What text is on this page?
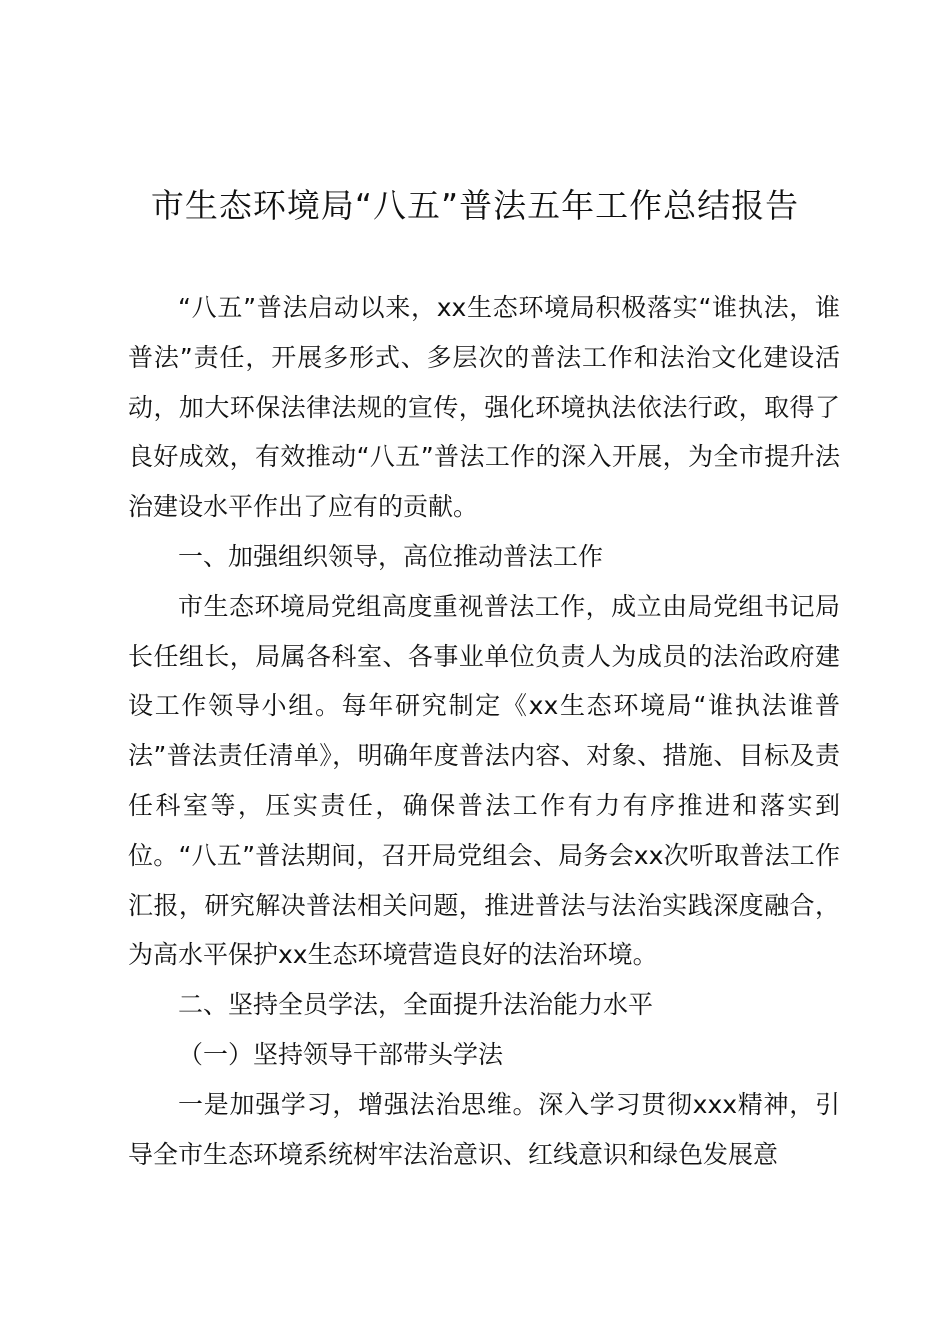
市生态环境局“八五”普法五年工作总结报告

“八五”普法启动以来，xx生态环境局积极落实“谁执法，谁普法”责任，开展多形式、多层次的普法工作和法治文化建设活动，加大环保法律法规的宣传，强化环境执法依法行政，取得了良好成效，有效推动“八五”普法工作的深入开展，为全市提升法治建设水平作出了应有的贡献。

一、加强组织领导，高位推动普法工作

市生态环境局党组高度重视普法工作，成立由局党组书记局长任组长，局属各科室、各事业单位负责人为成员的法治政府建设工作领导小组。每年研究制定《xx生态环境局“谁执法谁普法”普法责任清单》，明确年度普法内容、对象、措施、目标及责任科室等，压实责任，确保普法工作有力有序推进和落实到位。“八五”普法期间，召开局党组会、局务会xx次听取普法工作汇报，研究解决普法相关问题，推进普法与法治实践深度融合，为高水平保护xx生态环境营造良好的法治环境。

二、坚持全员学法，全面提升法治能力水平

（一）坚持领导干部带头学法

一是加强学习，增强法治思维。深入学习贯彻xxx精神，引导全市生态环境系统树牢法治意识、红线意识和绿色发展意
